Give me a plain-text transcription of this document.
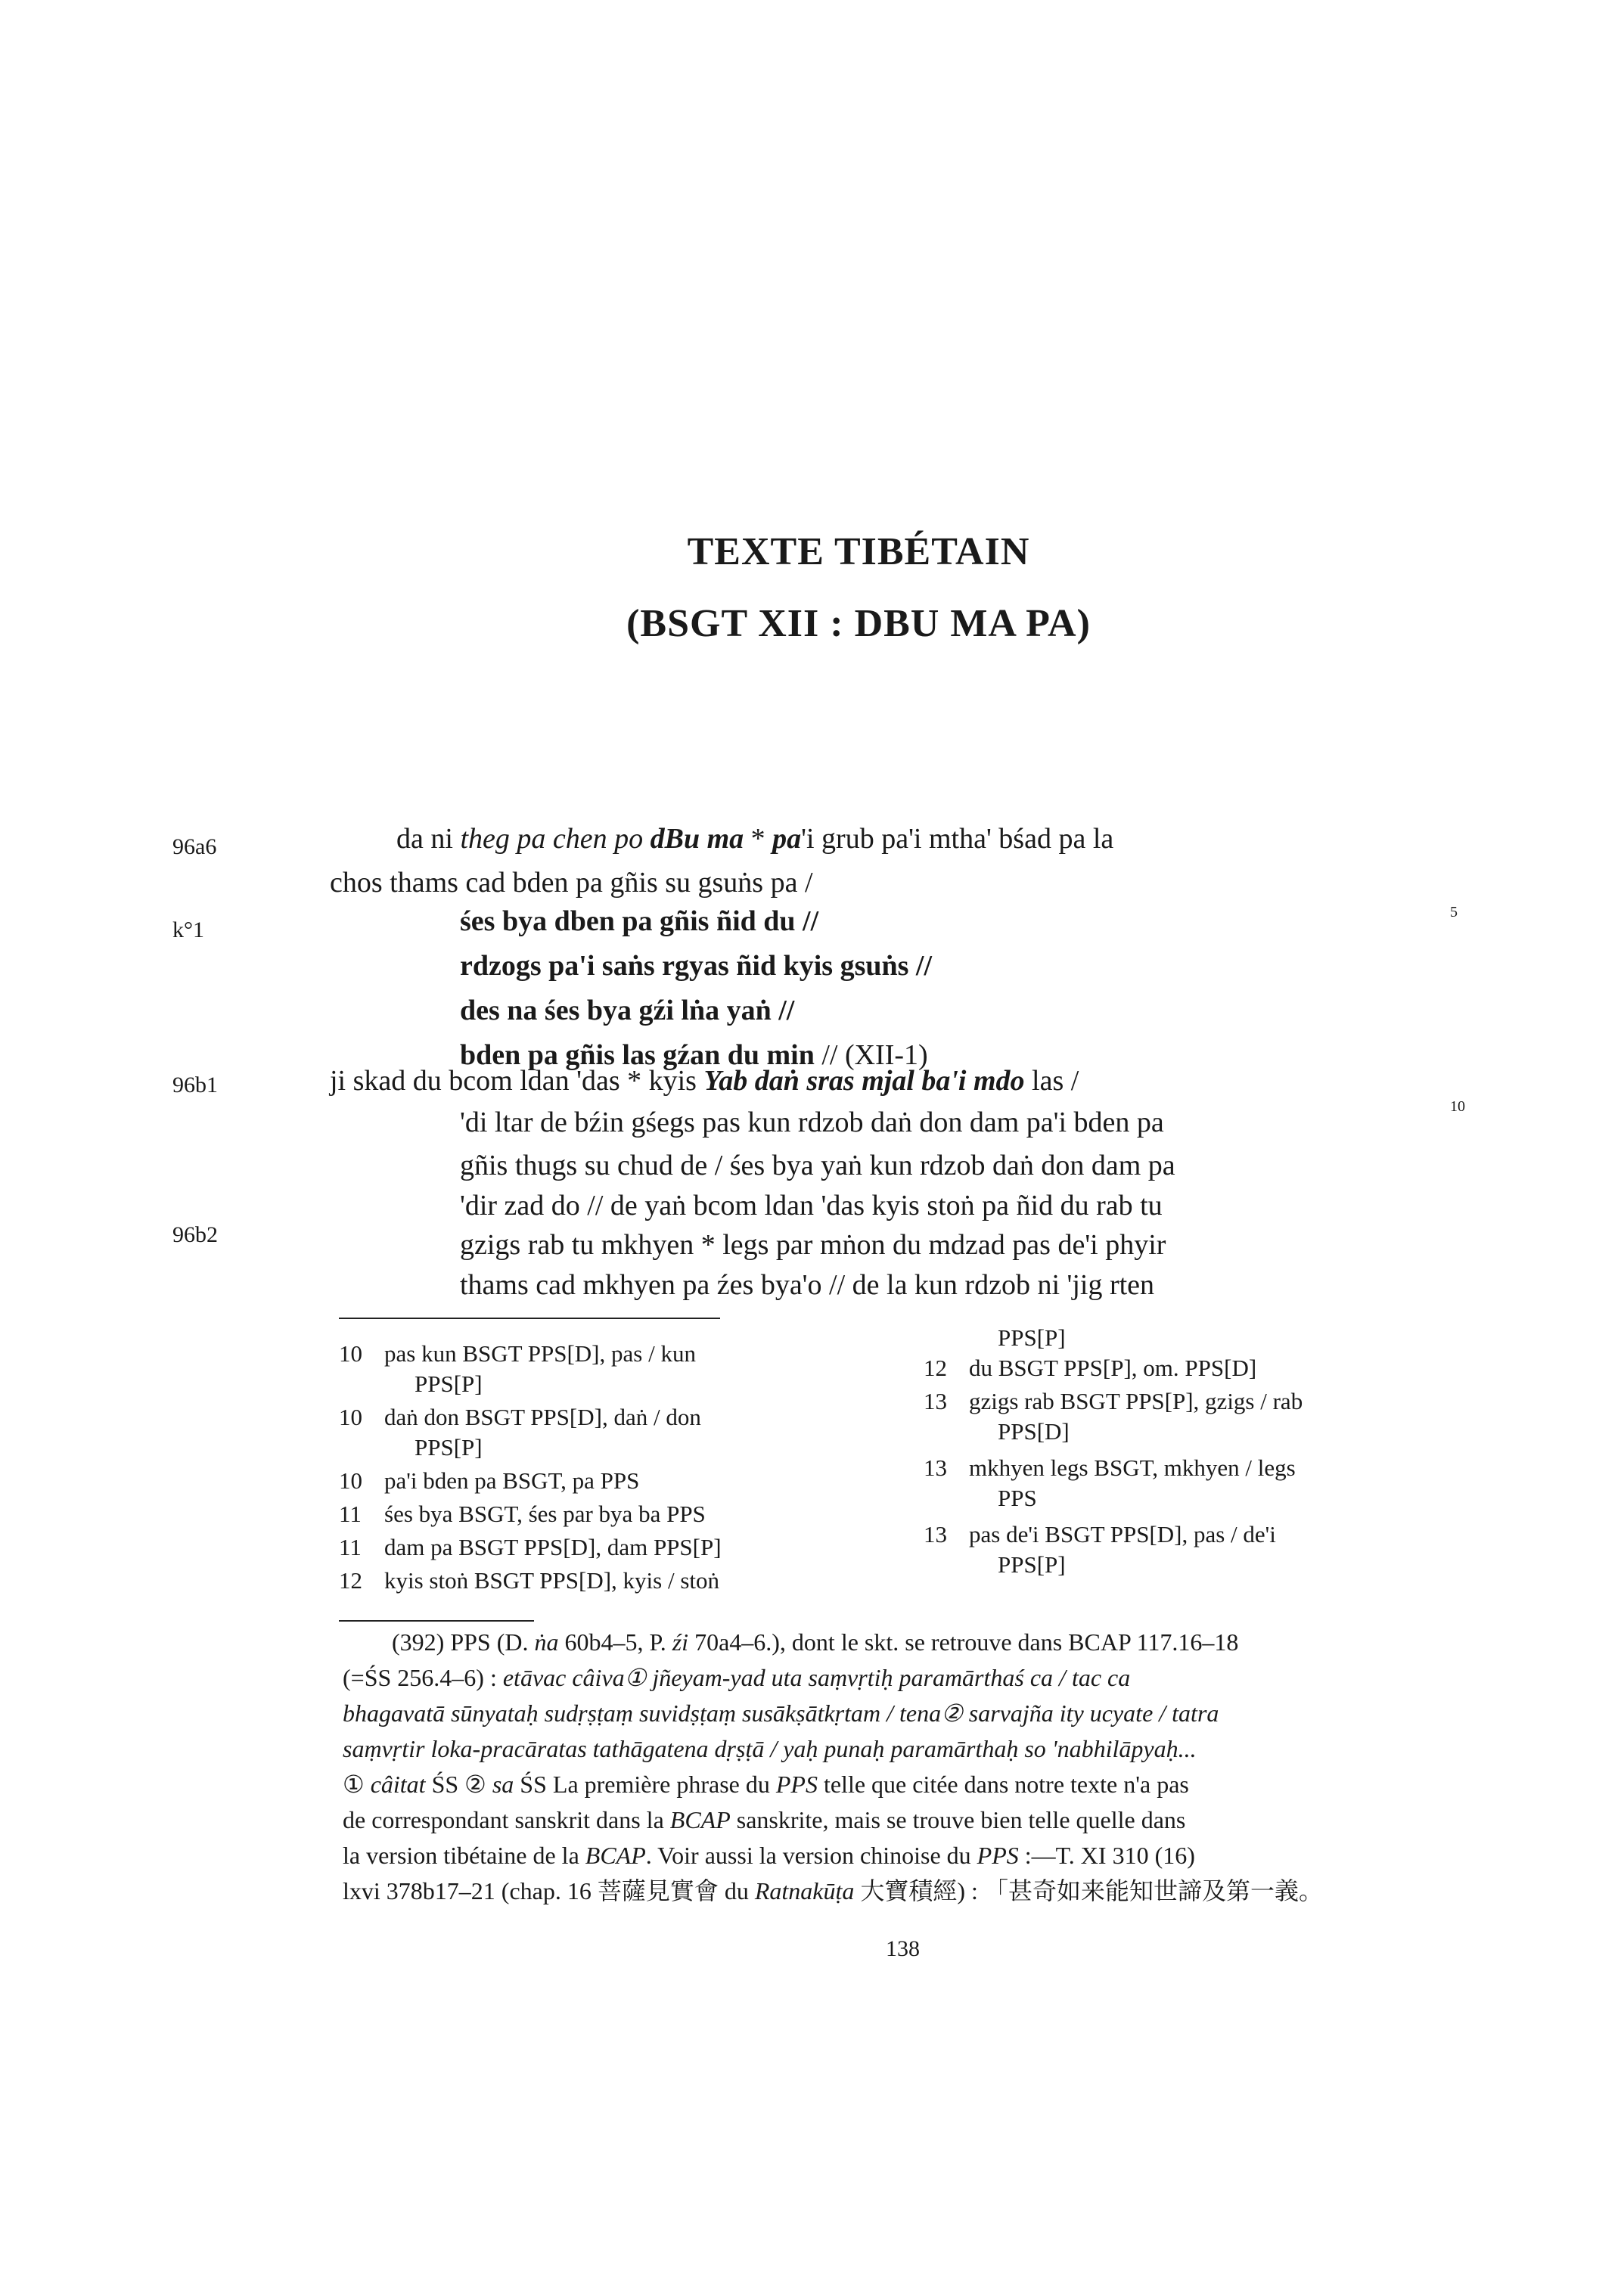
TEXTE TIBÉTAIN
(BSGT XII : DBU MA PA)
96a6
k°1
96b1
96b2
5
10
da ni theg pa chen po dBu ma * pa'i grub pa'i mtha' bśad pa la
chos thams cad bden pa gñis su gsuṅs pa /
śes bya dben pa gñis ñid du //
rdzogs pa'i saṅs rgyas ñid kyis gsuṅs //
des na śes bya gźi lṅa yaṅ //
bden pa gñis las gźan du min // (XII-1)
ji skad du bcom ldan 'das * kyis Yab daṅ sras mjal ba'i mdo las /
'di ltar de bźin gśegs pas kun rdzob daṅ don dam pa'i bden pa
gñis thugs su chud de / śes bya yaṅ kun rdzob daṅ don dam pa
'dir zad do // de yaṅ bcom ldan 'das kyis stoṅ pa ñid du rab tu
gzigs rab tu mkhyen * legs par mṅon du mdzad pas de'i phyir
thams cad mkhyen pa źes bya'o // de la kun rdzob ni 'jig rten
10 pas kun BSGT PPS[D], pas / kun
PPS[P]
10 daṅ don BSGT PPS[D], daṅ / don
PPS[P]
10 pa'i bden pa BSGT, pa PPS
11 śes bya BSGT, śes par bya ba PPS
11 dam pa BSGT PPS[D], dam PPS[P]
12 kyis stoṅ BSGT PPS[D], kyis / stoṅ
PPS[P]
12 du BSGT PPS[P], om. PPS[D]
13 gzigs rab BSGT PPS[P], gzigs / rab
PPS[D]
13 mkhyen legs BSGT, mkhyen / legs
PPS
13 pas de'i BSGT PPS[D], pas / de'i
PPS[P]
(392) PPS (D. ṅa 60b4–5, P. źi 70a4–6.), dont le skt. se retrouve dans BCAP 117.16–18
(=ŚS 256.4–6) : etāvac câiva① jñeyam-yad uta saṃvṛtiḥ paramārthaś ca / tac ca
bhagavatā sūnyataḥ sudṛṣṭaṃ suvidṣṭaṃ susākṣātkṛtam / tena② sarvajña ity ucyate / tatra
saṃvṛtir loka-pracāratas tathāgatena dṛṣṭā / yaḥ punaḥ paramārthaḥ so 'nabhilāpyaḥ...
① câitat ŚS ② sa ŚS La première phrase du PPS telle que citée dans notre texte n'a pas
de correspondant sanskrit dans la BCAP sanskrite, mais se trouve bien telle quelle dans
la version tibétaine de la BCAP. Voir aussi la version chinoise du PPS :—T. XI 310 (16)
lxvi 378b17–21 (chap. 16 菩薩見實會 du Ratnakūṭa 大寶積經) : 「甚奇如来能知世諦及第一義。
138
